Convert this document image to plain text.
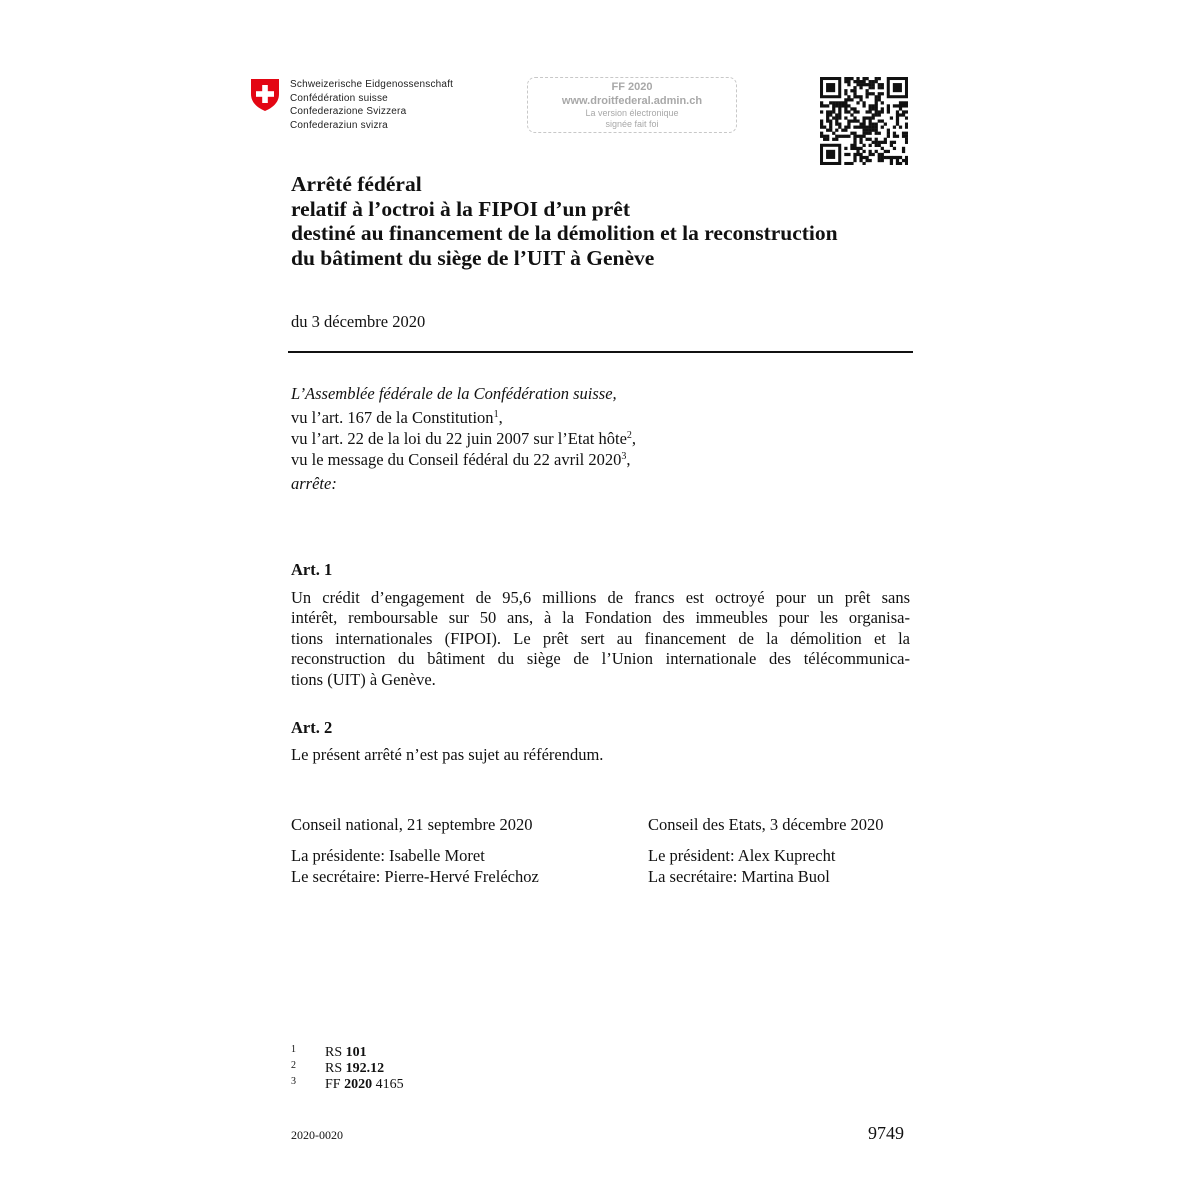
Schweizerische Eidgenossenschaft
Confédération suisse
Confederazione Svizzera
Confederaziun svizra
FF 2020
www.droitfederal.admin.ch
La version électronique
signée fait foi
Arrêté fédéral
relatif à l’octroi à la FIPOI d’un prêt
destiné au financement de la démolition et la reconstruction
du bâtiment du siège de l’UIT à Genève
du 3 décembre 2020
L’Assemblée fédérale de la Confédération suisse,
vu l’art. 167 de la Constitution$^1$,
vu l’art. 22 de la loi du 22 juin 2007 sur l’Etat hôte$^2$,
vu le message du Conseil fédéral du 22 avril 2020$^3$,
arrête:
Art. 1
Un crédit d’engagement de 95,6 millions de francs est octroyé pour un prêt sans
intérêt, remboursable sur 50 ans, à la Fondation des immeubles pour les organisa-
tions internationales (FIPOI). Le prêt sert au financement de la démolition et la
reconstruction du bâtiment du siège de l’Union internationale des télécommunica-
tions (UIT) à Genève.
Art. 2
Le présent arrêté n’est pas sujet au référendum.
Conseil national, 21 septembre 2020	Conseil des Etats, 3 décembre 2020
La présidente: Isabelle Moret
Le secrétaire: Pierre-Hervé Freléchoz
Le président: Alex Kuprecht
La secrétaire: Martina Buol
1 RS 101
2 RS 192.12
3 FF 2020 4165
2020-0020	9749
